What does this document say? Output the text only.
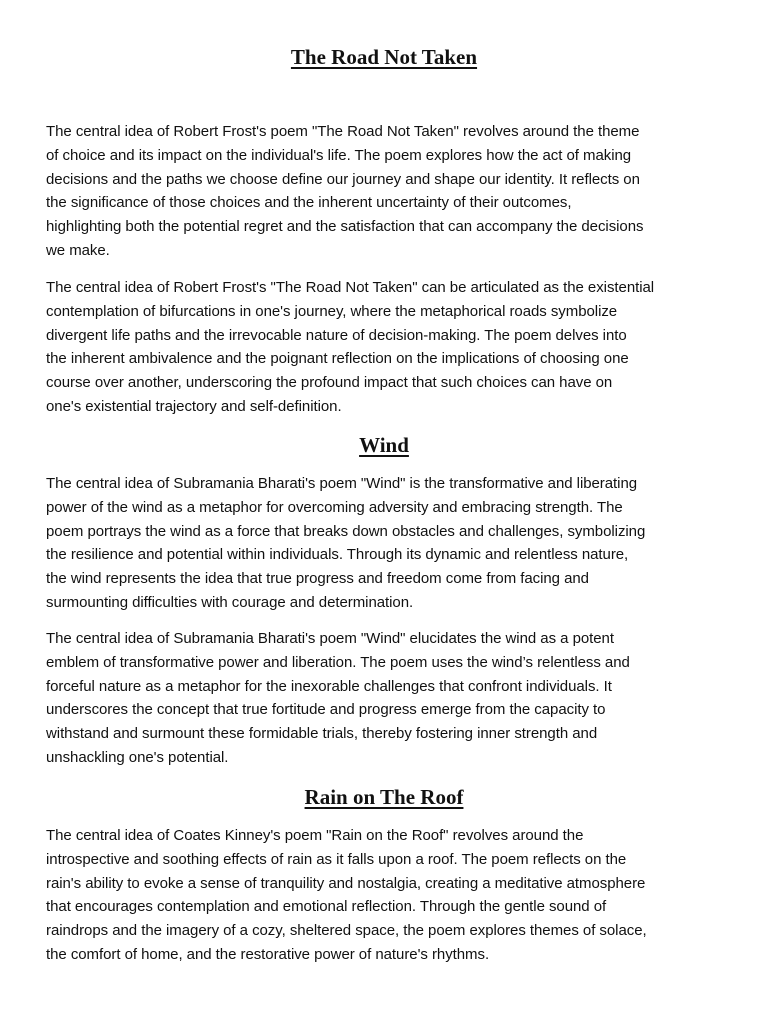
The Road Not Taken

The central idea of Robert Frost's poem "The Road Not Taken" revolves around the theme
of choice and its impact on the individual's life. The poem explores how the act of making
decisions and the paths we choose define our journey and shape our identity. It reflects on
the significance of those choices and the inherent uncertainty of their outcomes,
highlighting both the potential regret and the satisfaction that can accompany the decisions
we make.

The central idea of Robert Frost's "The Road Not Taken" can be articulated as the existential
contemplation of bifurcations in one's journey, where the metaphorical roads symbolize
divergent life paths and the irrevocable nature of decision-making. The poem delves into
the inherent ambivalence and the poignant reflection on the implications of choosing one
course over another, underscoring the profound impact that such choices can have on
one's existential trajectory and self-definition.

Wind

The central idea of Subramania Bharati's poem "Wind" is the transformative and liberating
power of the wind as a metaphor for overcoming adversity and embracing strength. The
poem portrays the wind as a force that breaks down obstacles and challenges, symbolizing
the resilience and potential within individuals. Through its dynamic and relentless nature,
the wind represents the idea that true progress and freedom come from facing and
surmounting difficulties with courage and determination.

The central idea of Subramania Bharati's poem "Wind" elucidates the wind as a potent
emblem of transformative power and liberation. The poem uses the wind’s relentless and
forceful nature as a metaphor for the inexorable challenges that confront individuals. It
underscores the concept that true fortitude and progress emerge from the capacity to
withstand and surmount these formidable trials, thereby fostering inner strength and
unshackling one's potential.

Rain on The Roof

The central idea of Coates Kinney's poem "Rain on the Roof" revolves around the
introspective and soothing effects of rain as it falls upon a roof. The poem reflects on the
rain's ability to evoke a sense of tranquility and nostalgia, creating a meditative atmosphere
that encourages contemplation and emotional reflection. Through the gentle sound of
raindrops and the imagery of a cozy, sheltered space, the poem explores themes of solace,
the comfort of home, and the restorative power of nature's rhythms.
